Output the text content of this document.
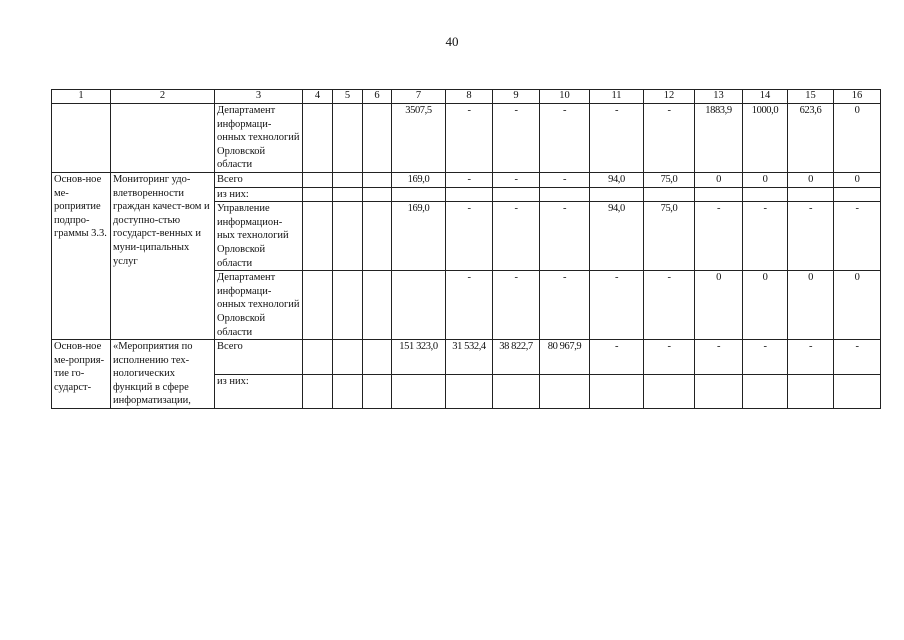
40
1	2	3	4	5	6	7	8	9	10	11	12	13	14	15	16
		Департамент информаци-онных технологий Орловской области				3507,5	-	-	-	-	-	1883,9	1000,0	623,6	0
Основ-ное ме-роприятие подпро-граммы 3.3.	Мониторинг удо-влетворенности граждан качест-вом и доступно-стью государст-венных и муни-ципальных услуг	Всего				169,0	-	-	-	94,0	75,0	0	0	0	0
		из них:													
		Управление информацион-ных технологий Орловской области				169,0	-	-	-	94,0	75,0	-	-	-	-
		Департамент информаци-онных технологий Орловской области					-	-	-	-	-	0	0	0	0
Основ-ное ме-роприя-тие го-сударст-	«Мероприятия по исполнению тех-нологических функций в сфере информатизации,	Всего				151 323,0	31 532,4	38 822,7	80 967,9	-	-	-	-	-	-
		из них:													
